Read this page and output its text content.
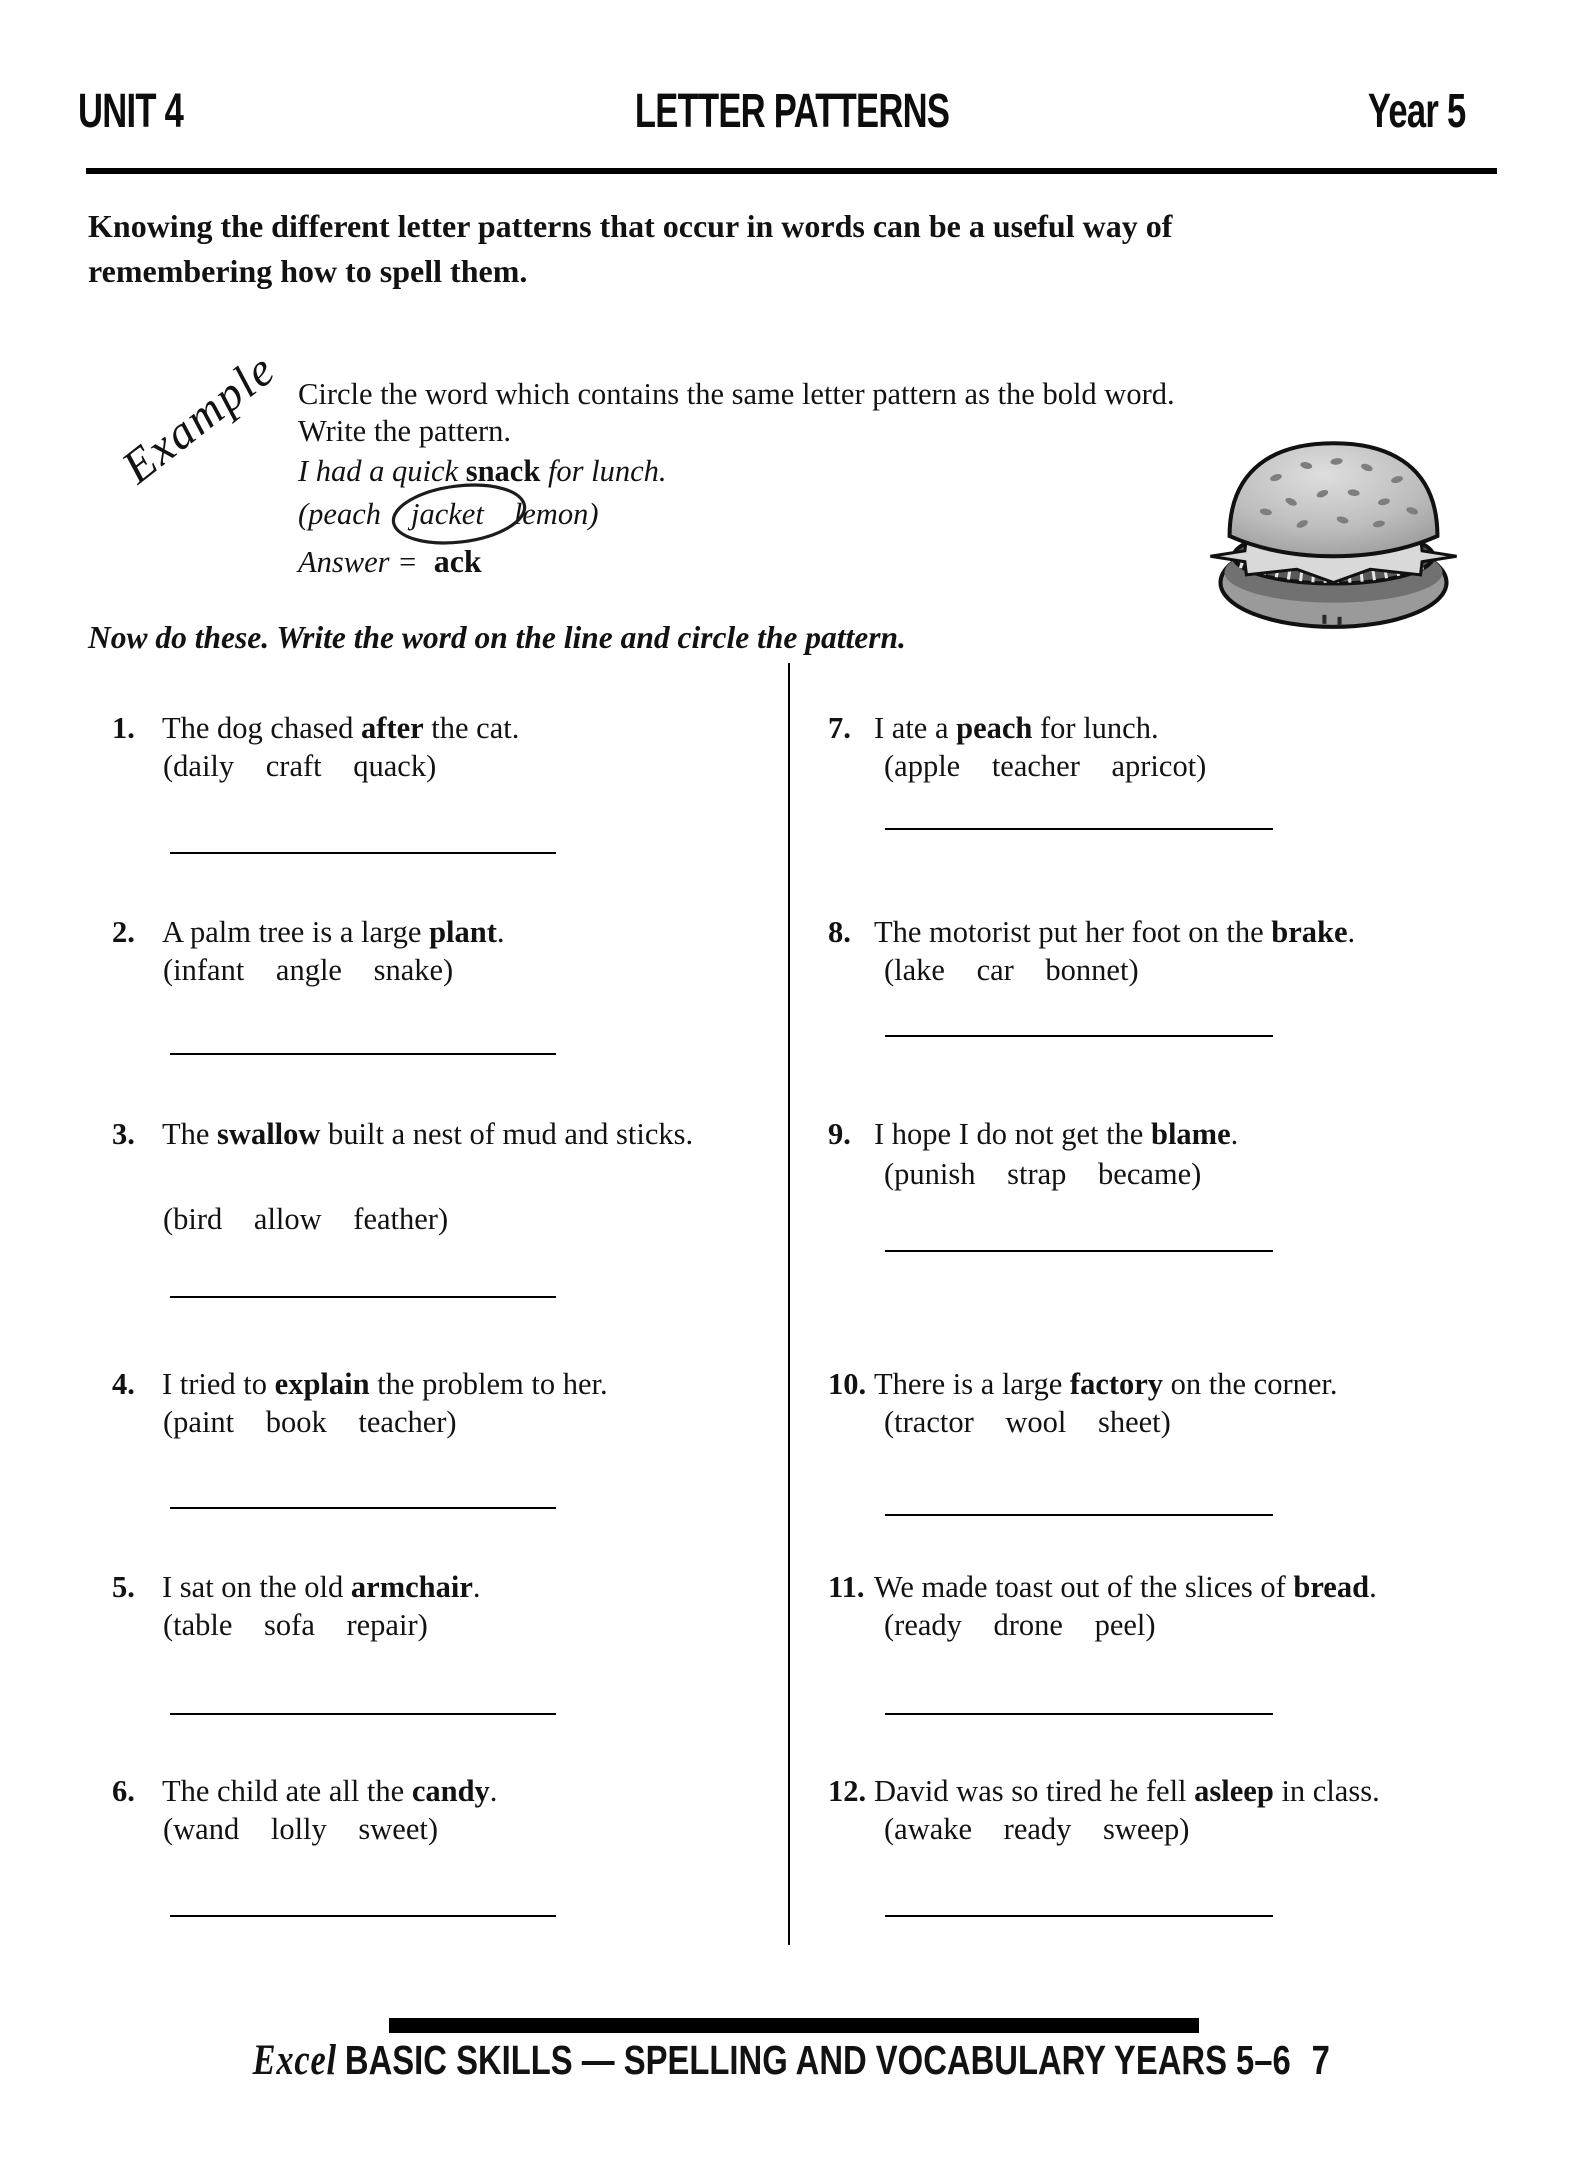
UNIT 4	LETTER PATTERNS	Year 5
Knowing the different letter patterns that occur in words can be a useful way of
remembering how to spell them.
Example Circle the word which contains the same letter pattern as the bold word.
Write the pattern.
I had a quick snack for lunch.
(peach jacket lemon)
Answer = ack
Now do these. Write the word on the line and circle the pattern.
1. The dog chased after the cat.
(daily craft quack)
2. A palm tree is a large plant.
(infant angle snake)
3. The swallow built a nest of mud and sticks.
(bird allow feather)
4. I tried to explain the problem to her.
(paint book teacher)
5. I sat on the old armchair.
(table sofa repair)
6. The child ate all the candy.
(wand lolly sweet)
7. I ate a peach for lunch.
(apple teacher apricot)
8. The motorist put her foot on the brake.
(lake car bonnet)
9. I hope I do not get the blame.
(punish strap became)
10. There is a large factory on the corner.
(tractor wool sheet)
11. We made toast out of the slices of bread.
(ready drone peel)
12. David was so tired he fell asleep in class.
(awake ready sweep)
Excel BASIC SKILLS — SPELLING AND VOCABULARY YEARS 5–6 7
